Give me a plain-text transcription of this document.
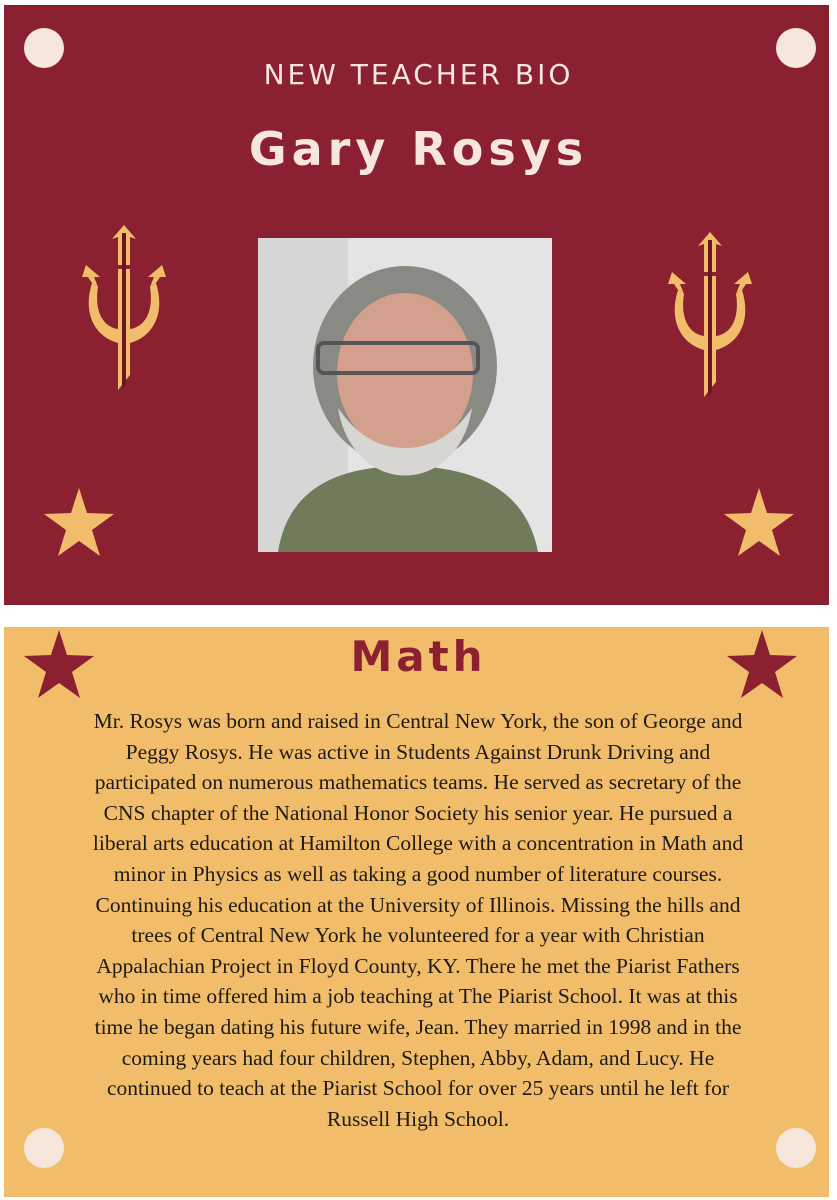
NEW TEACHER BIO
Gary Rosys
Math
Mr. Rosys was born and raised in Central New York, the son of George and Peggy Rosys. He was active in Students Against Drunk Driving and participated on numerous mathematics teams. He served as secretary of the CNS chapter of the National Honor Society his senior year. He pursued a liberal arts education at Hamilton College with a concentration in Math and minor in Physics as well as taking a good number of literature courses. Continuing his education at the University of Illinois. Missing the hills and trees of Central New York he volunteered for a year with Christian Appalachian Project in Floyd County, KY. There he met the Piarist Fathers who in time offered him a job teaching at The Piarist School. It was at this time he began dating his future wife, Jean. They married in 1998 and in the coming years had four children, Stephen, Abby, Adam, and Lucy. He continued to teach at the Piarist School for over 25 years until he left for Russell High School.
